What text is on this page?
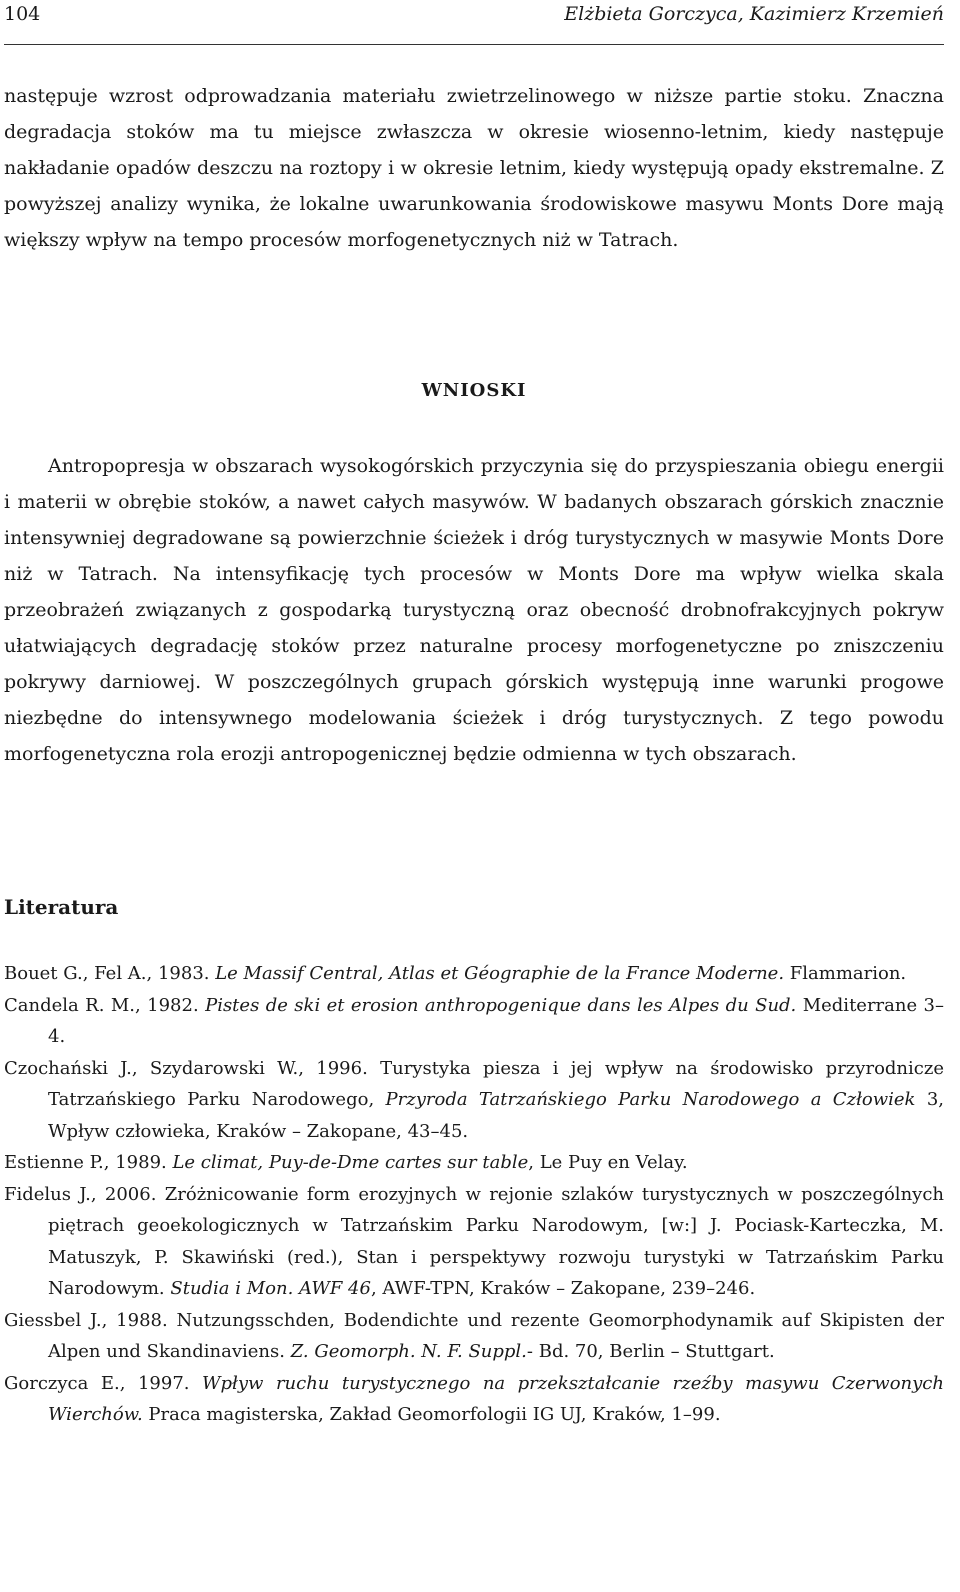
104	Elżbieta Gorczyca, Kazimierz Krzemień

następuje wzrost odprowadzania materiału zwietrzelinowego w niższe partie stoku. Znaczna degradacja stoków ma tu miejsce zwłaszcza w okresie wiosenno-letnim, kiedy następuje nakładanie opadów deszczu na roztopy i w okresie letnim, kiedy występują opady ekstremalne. Z powyższej analizy wynika, że lokalne uwarunkowania środowiskowe masywu Monts Dore mają większy wpływ na tempo procesów morfogenetycznych niż w Tatrach.

WNIOSKI

Antropopresja w obszarach wysokogórskich przyczynia się do przyspieszania obiegu energii i materii w obrębie stoków, a nawet całych masywów. W badanych obszarach górskich znacznie intensywniej degradowane są powierzchnie ścieżek i dróg turystycznych w masywie Monts Dore niż w Tatrach. Na intensyfikację tych procesów w Monts Dore ma wpływ wielka skala przeobrażeń związanych z gospodarką turystyczną oraz obecność drobnofrakcyjnych pokryw ułatwiających degradację stoków przez naturalne procesy morfogenetyczne po zniszczeniu pokrywy darniowej. W poszczególnych grupach górskich występują inne warunki progowe niezbędne do intensywnego modelowania ścieżek i dróg turystycznych. Z tego powodu morfogenetyczna rola erozji antropogenicznej będzie odmienna w tych obszarach.

Literatura
Bouet G., Fel A., 1983. Le Massif Central, Atlas et Géographie de la France Moderne. Flammarion.
Candela R. M., 1982. Pistes de ski et erosion anthropogenique dans les Alpes du Sud. Mediterrane 3–4.
Czochański J., Szydarowski W., 1996. Turystyka piesza i jej wpływ na środowisko przyrodnicze Tatrzańskiego Parku Narodowego, Przyroda Tatrzańskiego Parku Narodowego a Człowiek 3, Wpływ człowieka, Kraków – Zakopane, 43–45.
Estienne P., 1989. Le climat, Puy-de-Dme cartes sur table, Le Puy en Velay.
Fidelus J., 2006. Zróżnicowanie form erozyjnych w rejonie szlaków turystycznych w poszczególnych piętrach geoekologicznych w Tatrzańskim Parku Narodowym, [w:] J. Pociask-Karteczka, M. Matuszyk, P. Skawiński (red.), Stan i perspektywy rozwoju turystyki w Tatrzańskim Parku Narodowym. Studia i Mon. AWF 46, AWF-TPN, Kraków – Zakopane, 239–246.
Giessbel J., 1988. Nutzungsschden, Bodendichte und rezente Geomorphodynamik auf Skipisten der Alpen und Skandinaviens. Z. Geomorph. N. F. Suppl.- Bd. 70, Berlin – Stuttgart.
Gorczyca E., 1997. Wpływ ruchu turystycznego na przekształcanie rzeźby masywu Czerwonych Wierchów. Praca magisterska, Zakład Geomorfologii IG UJ, Kraków, 1–99.
